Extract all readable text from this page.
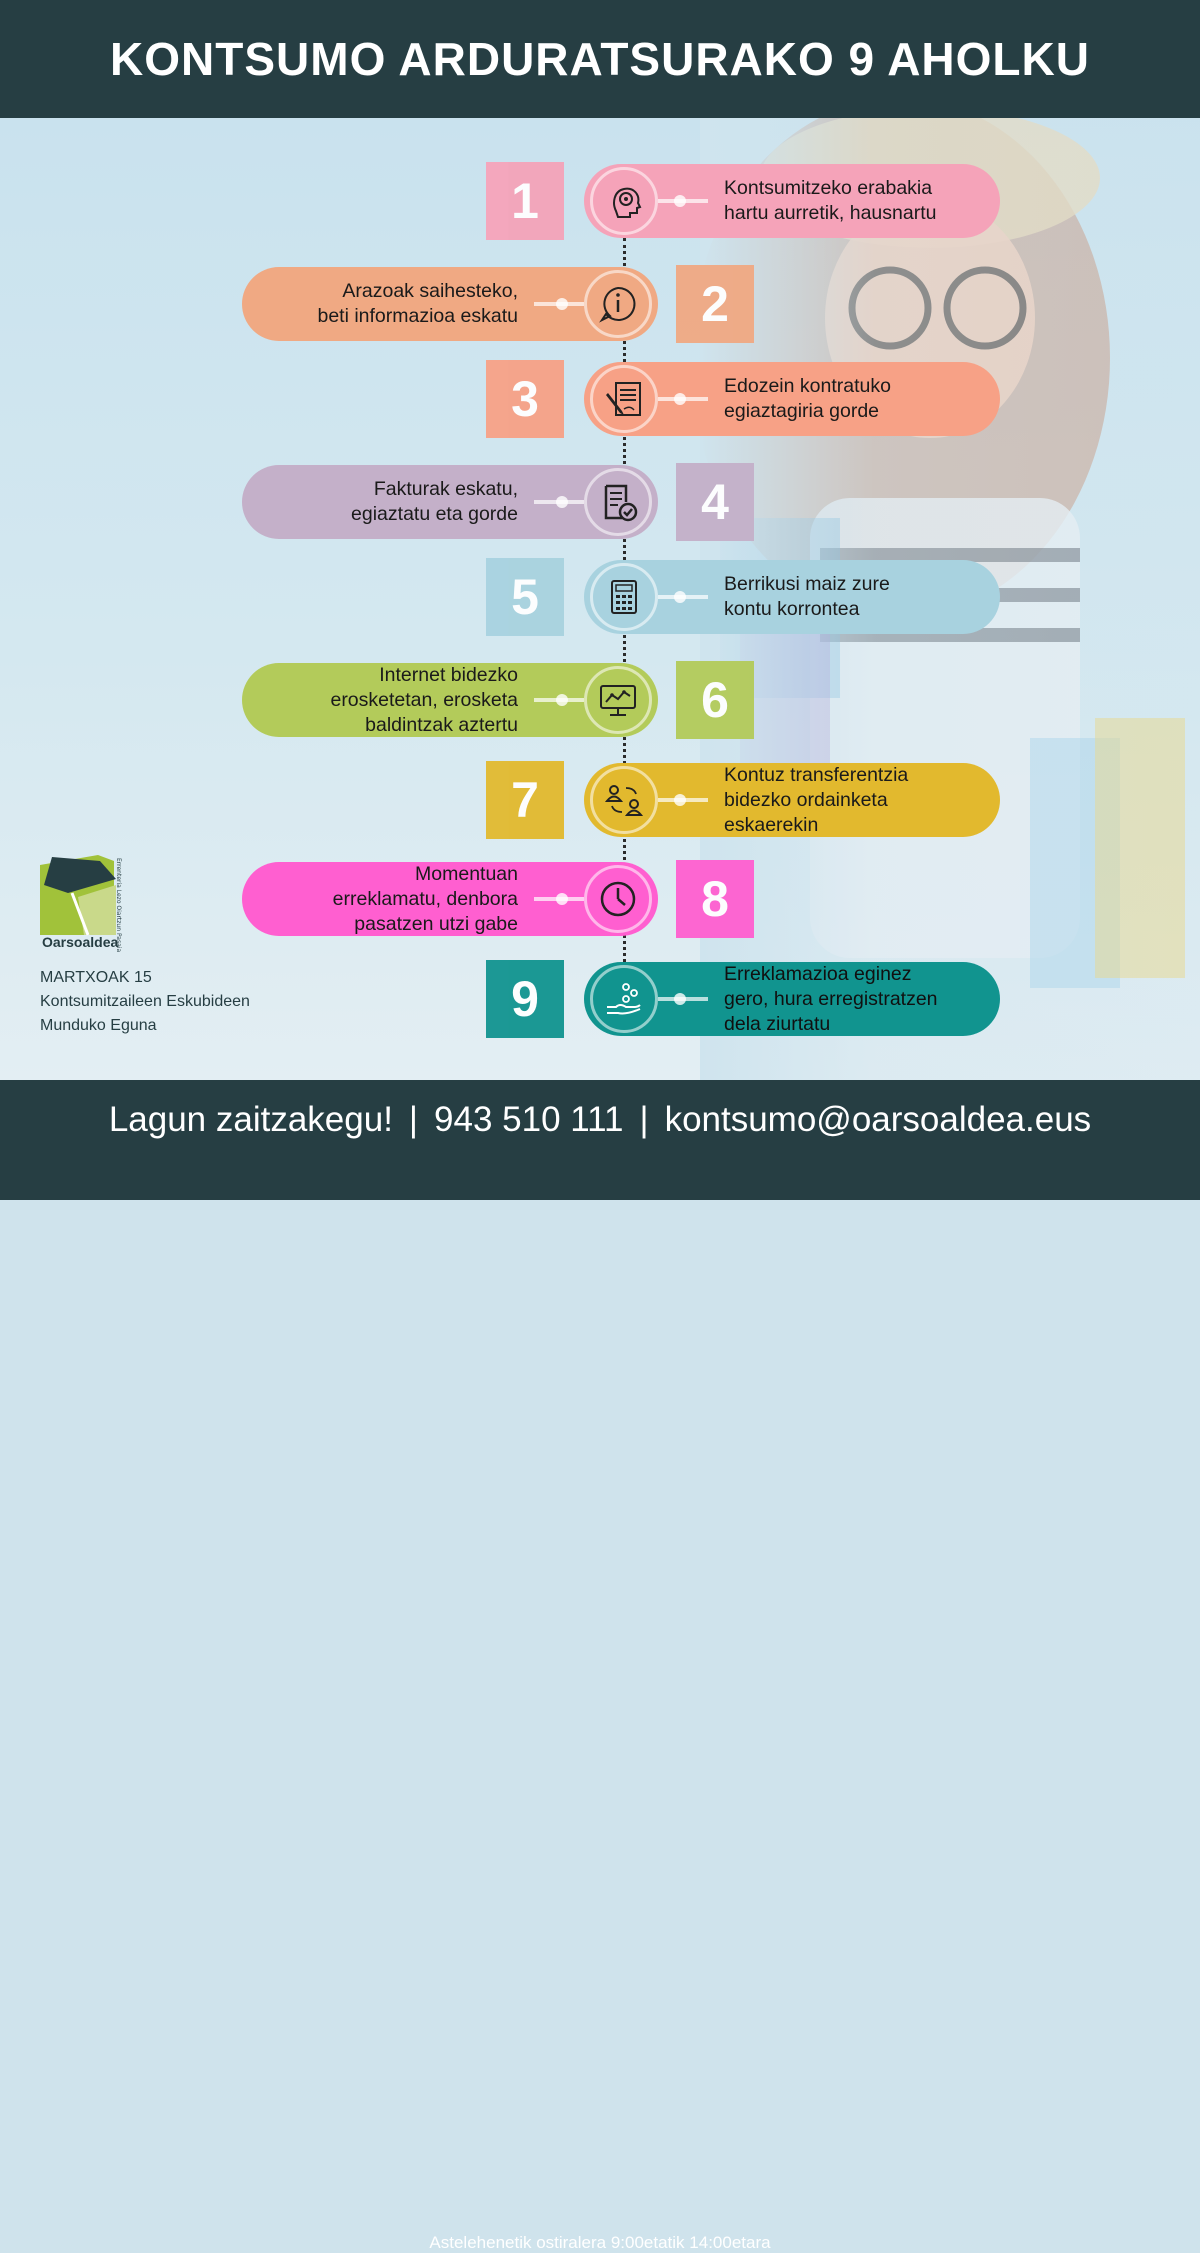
KONTSUMO ARDURATSURAKO 9 AHOLKU
1	Kontsumitzeko erabakia
hartu aurretik, hausnartu
2
Arazoak saihesteko,
beti informazioa eskatu
3	Edozein kontratuko
egiaztagiria gorde
4
Fakturak eskatu,
egiaztatu eta gorde
5	Berrikusi maiz zure
kontu korrontea
6
Internet bidezko
erosketetan, erosketa
baldintzak aztertu
7	Kontuz transferentzia
bidezko ordainketa
eskaerekin
8
Momentuan
erreklamatu, denbora
pasatzen utzi gabe
9	Erreklamazioa eginez
gero, hura erregistratzen
dela ziurtatu
Oarsoaldea
Errenteria Lezo Oiartzun Pasaia
MARTXOAK 15
Kontsumitzaileen Eskubideen
Munduko Eguna
Lagun zaitzakegu! | 943 510 111 | kontsumo@oarsoaldea.eus
Astelehenetik ostiralera 9:00etatik 14:00etara
